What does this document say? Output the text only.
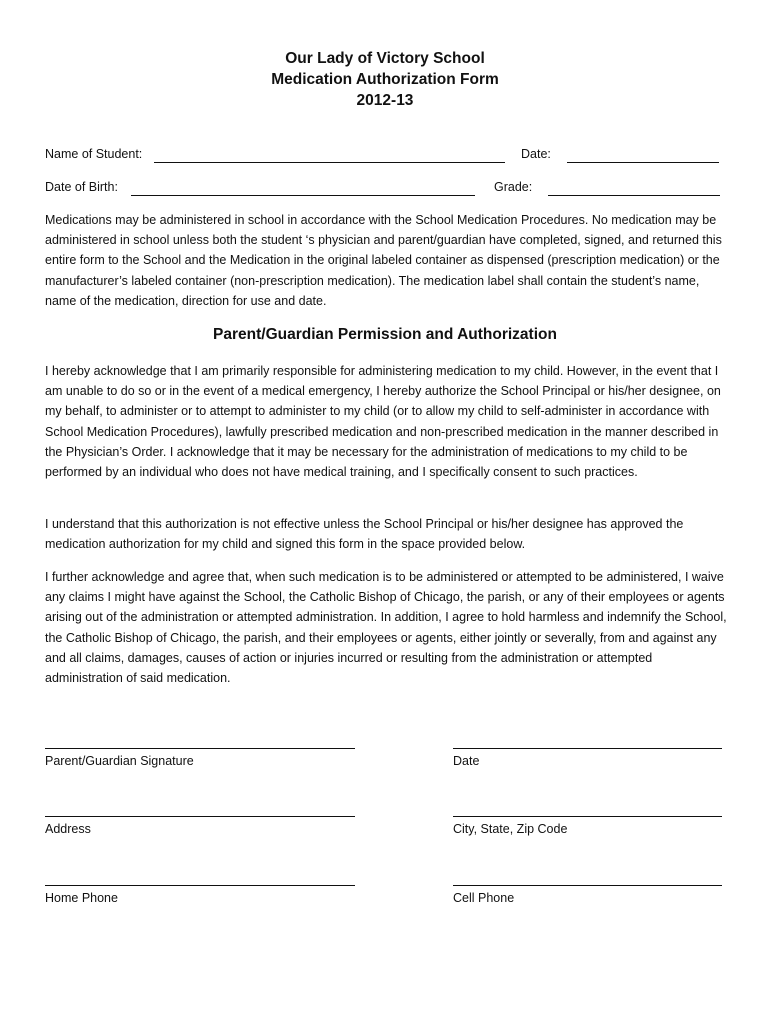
Our Lady of Victory School
Medication Authorization Form
2012-13
Name of Student:	Date:
Date of Birth:	Grade:

Medications may be administered in school in accordance with the School Medication Procedures. No medication may be administered in school unless both the student ‘s physician and parent/guardian have completed, signed, and returned this entire form to the School and the Medication in the original labeled container as dispensed (prescription medication) or the manufacturer’s labeled container (non-prescription medication). The medication label shall contain the student’s name, name of the medication, direction for use and date.

Parent/Guardian Permission and Authorization

I hereby acknowledge that I am primarily responsible for administering medication to my child. However, in the event that I am unable to do so or in the event of a medical emergency, I hereby authorize the School Principal or his/her designee, on my behalf, to administer or to attempt to administer to my child (or to allow my child to self-administer in accordance with School Medication Procedures), lawfully prescribed medication and non-prescribed medication in the manner described in the Physician’s Order. I acknowledge that it may be necessary for the administration of medications to my child to be performed by an individual who does not have medical training, and I specifically consent to such practices.

I understand that this authorization is not effective unless the School Principal or his/her designee has approved the medication authorization for my child and signed this form in the space provided below.

I further acknowledge and agree that, when such medication is to be administered or attempted to be administered, I waive any claims I might have against the School, the Catholic Bishop of Chicago, the parish, or any of their employees or agents arising out of the administration or attempted administration. In addition, I agree to hold harmless and indemnify the School, the Catholic Bishop of Chicago, the parish, and their employees or agents, either jointly or severally, from and against any and all claims, damages, causes of action or injuries incurred or resulting from the administration or attempted administration of said medication.

Parent/Guardian Signature	Date
Address	City, State, Zip Code
Home Phone	Cell Phone
